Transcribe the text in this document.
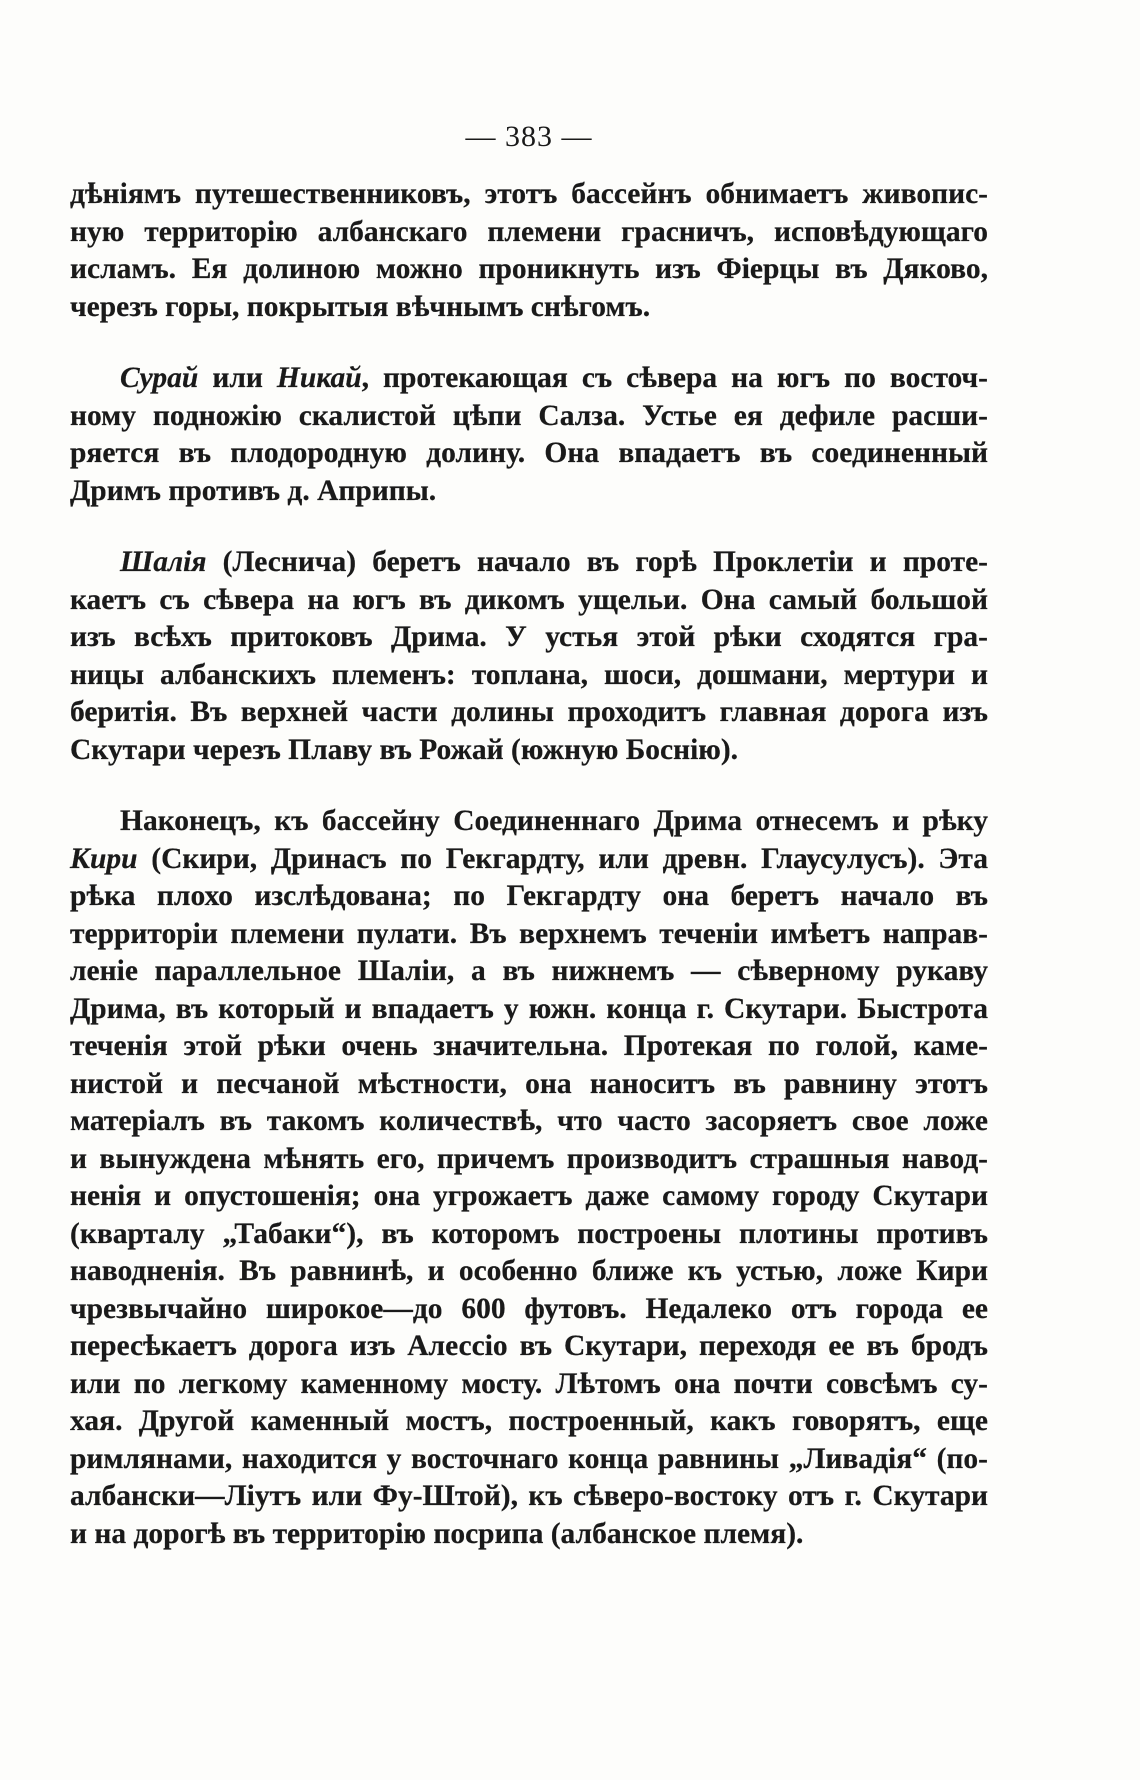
— 383 —

дѣніямъ путешественниковъ, этотъ бассейнъ обнимаетъ живопис-
ную территорію албанскаго племени грасничъ, исповѣдующаго
исламъ. Ея долиною можно проникнуть изъ Фіерцы въ Дяково,
черезъ горы, покрытыя вѣчнымъ снѣгомъ.

Сурай или Никай, протекающая съ сѣвера на югъ по восточ-
ному подножію скалистой цѣпи Салза. Устье ея дефиле расши-
ряется въ плодородную долину. Она впадаетъ въ соединенный
Дримъ противъ д. Априпы.

Шалія (Леснича) беретъ начало въ горѣ Проклетіи и проте-
каетъ съ сѣвера на югъ въ дикомъ ущельи. Она самый большой
изъ всѣхъ притоковъ Дрима. У устья этой рѣки сходятся гра-
ницы албанскихъ племенъ: топлана, шоси, дошмани, мертури и
беритія. Въ верхней части долины проходитъ главная дорога изъ
Скутари черезъ Плаву въ Рожай (южную Боснію).

Наконецъ, къ бассейну Соединеннаго Дрима отнесемъ и рѣку
Кири (Скири, Дринасъ по Гекгардту, или древн. Глаусулусъ). Эта
рѣка плохо изслѣдована; по Гекгардту она беретъ начало въ
территоріи племени пулати. Въ верхнемъ теченіи имѣетъ направ-
леніе параллельное Шаліи, а въ нижнемъ — сѣверному рукаву
Дрима, въ который и впадаетъ у южн. конца г. Скутари. Быстрота
теченія этой рѣки очень значительна. Протекая по голой, каме-
нистой и песчаной мѣстности, она наноситъ въ равнину этотъ
матеріалъ въ такомъ количествѣ, что часто засоряетъ свое ложе
и вынуждена мѣнять его, причемъ производитъ страшныя навод-
ненія и опустошенія; она угрожаетъ даже самому городу Скутари
(кварталу „Табаки“), въ которомъ построены плотины противъ
наводненія. Въ равнинѣ, и особенно ближе къ устью, ложе Кири
чрезвычайно широкое—до 600 футовъ. Недалеко отъ города ее
пересѣкаетъ дорога изъ Алессіо въ Скутари, переходя ее въ бродъ
или по легкому каменному мосту. Лѣтомъ она почти совсѣмъ су-
хая. Другой каменный мостъ, построенный, какъ говорятъ, еще
римлянами, находится у восточнаго конца равнины „Ливадія“ (по-
албански—Ліутъ или Фу-Штой), къ сѣверо-востоку отъ г. Скутари
и на дорогѣ въ территорію посрипа (албанское племя).
